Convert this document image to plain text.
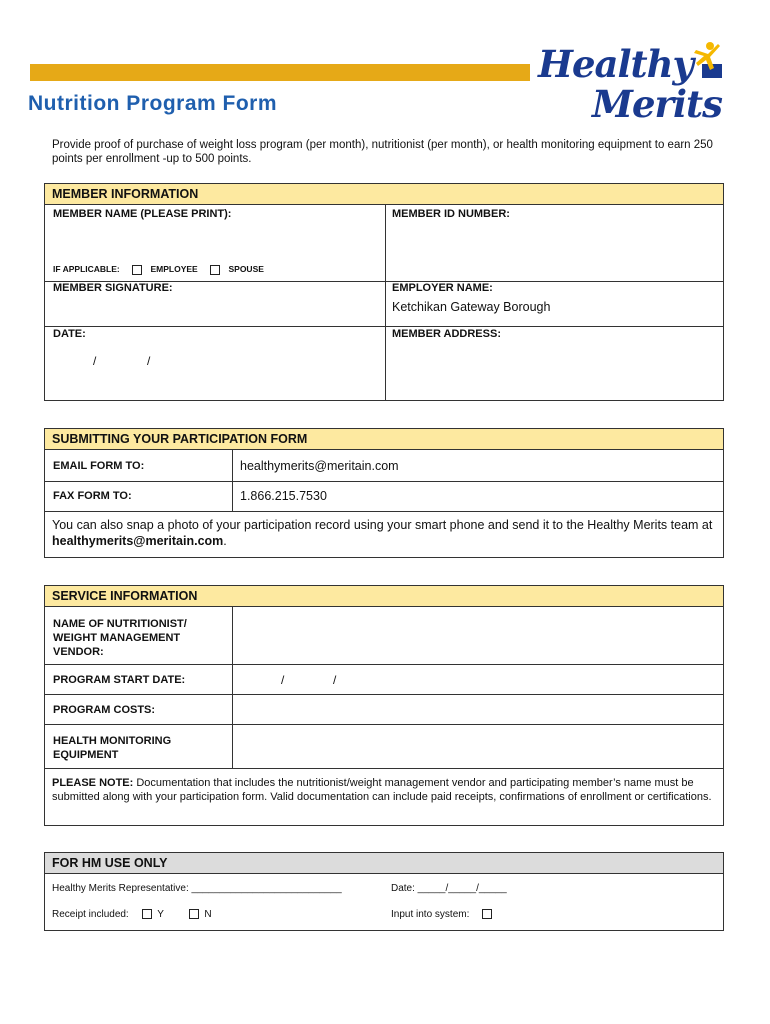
Healthy
Merits
Nutrition Program Form
Provide proof of purchase of weight loss program (per month), nutritionist (per month), or health monitoring equipment to earn 250 points per enrollment -up to 500 points.
MEMBER INFORMATION
MEMBER NAME (PLEASE PRINT):	MEMBER ID NUMBER:
IF APPLICABLE:	EMPLOYEE	SPOUSE
MEMBER SIGNATURE:	EMPLOYER NAME:
Ketchikan Gateway Borough
DATE:
/	/
MEMBER ADDRESS:
SUBMITTING YOUR PARTICIPATION FORM
EMAIL FORM TO:	healthymerits@meritain.com
FAX FORM TO:	1.866.215.7530
You can also snap a photo of your participation record using your smart phone and send it to the Healthy Merits team at healthymerits@meritain.com.
SERVICE INFORMATION
NAME OF NUTRITIONIST/
WEIGHT MANAGEMENT
VENDOR:
PROGRAM START DATE:	/	/
PROGRAM COSTS:
HEALTH MONITORING
EQUIPMENT
PLEASE NOTE: Documentation that includes the nutritionist/weight management vendor and participating member’s name must be submitted along with your participation form. Valid documentation can include paid receipts, confirmations of enrollment or certifications.
FOR HM USE ONLY
Healthy Merits Representative: ___________________________	Date: _____/_____/_____
Receipt included:	Y	N	Input into system:
